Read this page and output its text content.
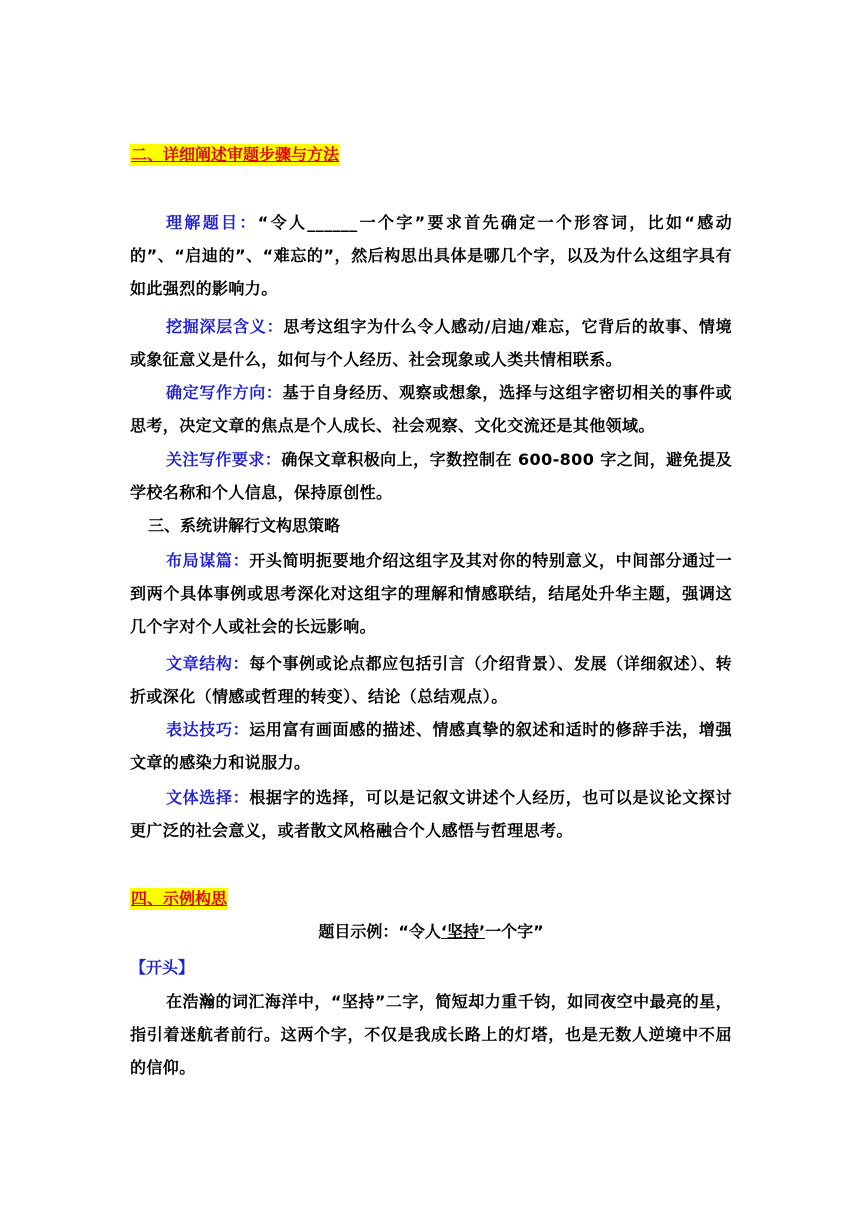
二、详细阐述审题步骤与方法
理解题目：“令人______一个字”要求首先确定一个形容词，比如“感动的”、“启迪的”、“难忘的”，然后构思出具体是哪几个字，以及为什么这组字具有如此强烈的影响力。
挖掘深层含义：思考这组字为什么令人感动/启迪/难忘，它背后的故事、情境或象征意义是什么，如何与个人经历、社会现象或人类共情相联系。
确定写作方向：基于自身经历、观察或想象，选择与这组字密切相关的事件或思考，决定文章的焦点是个人成长、社会观察、文化交流还是其他领域。
关注写作要求：确保文章积极向上，字数控制在 600-800 字之间，避免提及学校名称和个人信息，保持原创性。
三、系统讲解行文构思策略
布局谋篇：开头简明扼要地介绍这组字及其对你的特别意义，中间部分通过一到两个具体事例或思考深化对这组字的理解和情感联结，结尾处升华主题，强调这几个字对个人或社会的长远影响。
文章结构：每个事例或论点都应包括引言（介绍背景）、发展（详细叙述）、转折或深化（情感或哲理的转变）、结论（总结观点）。
表达技巧：运用富有画面感的描述、情感真挚的叙述和适时的修辞手法，增强文章的感染力和说服力。
文体选择：根据字的选择，可以是记叙文讲述个人经历，也可以是议论文探讨更广泛的社会意义，或者散文风格融合个人感悟与哲理思考。
四、示例构思
题目示例：“令人‘坚持’一个字”
【开头】
在浩瀚的词汇海洋中，“坚持”二字，简短却力重千钧，如同夜空中最亮的星，指引着迷航者前行。这两个字，不仅是我成长路上的灯塔，也是无数人逆境中不屈的信仰。
